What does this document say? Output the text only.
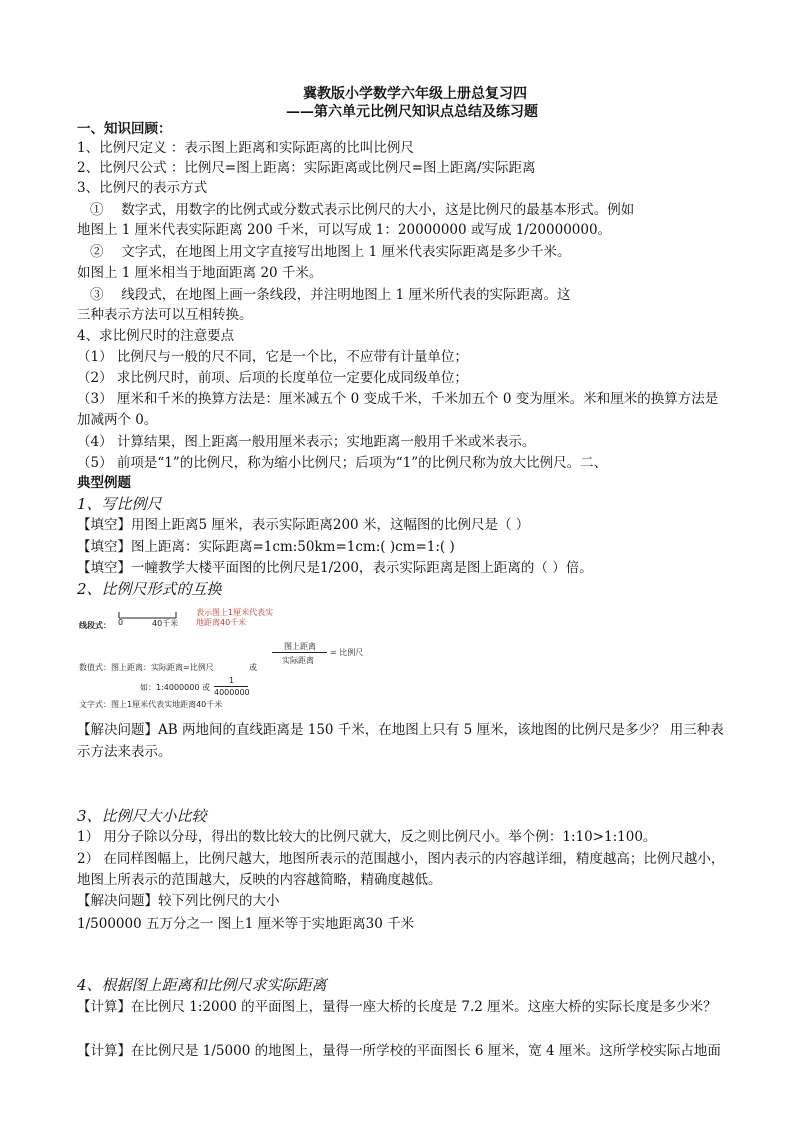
冀教版小学数学六年级上册总复习四
——第六单元比例尺知识点总结及练习题
一、知识回顾：
1、比例尺定义 ：表示图上距离和实际距离的比叫比例尺
2、比例尺公式 ：比例尺=图上距离：实际距离或比例尺=图上距离/实际距离
3、比例尺的表示方式
①　 数字式，用数字的比例式或分数式表示比例尺的大小，这是比例尺的最基本形式。例如
地图上 1 厘米代表实际距离 200 千米，可以写成 1：20000000 或写成 1/20000000。
②　 文字式，在地图上用文字直接写出地图上 1 厘米代表实际距离是多少千米。
如图上 1 厘米相当于地面距离 20 千米。
③　 线段式，在地图上画一条线段，并注明地图上 1 厘米所代表的实际距离。这
三种表示方法可以互相转换。
4、求比例尺时的注意要点
（1） 比例尺与一般的尺不同，它是一个比，不应带有计量单位；
（2） 求比例尺时，前项、后项的长度单位一定要化成同级单位；
（3） 厘米和千米的换算方法是：厘米减五个 0 变成千米，千米加五个 0 变为厘米。米和厘米的换算方法是
加减两个 0。
（4） 计算结果，图上距离一般用厘米表示；实地距离一般用千米或米表示。
（5） 前项是“1”的比例尺，称为缩小比例尺；后项为“1”的比例尺称为放大比例尺。二、
典型例题
1、写比例尺
【填空】用图上距离5 厘米，表示实际距离200 米，这幅图的比例尺是（ ）
【填空】图上距离：实际距离=1cm:50km=1cm:( )cm=1:( )
【填空】一幢教学大楼平面图的比例尺是1/200，表示实际距离是图上距离的（ ）倍。
2、比例尺形式的互换
线段式： 0	40千米
表示图上1厘米代表实
地距离40千米
图上距离
实际距离
= 比例尺
数值式：图上距离：实际距离=比例尺	或
如：1:4000000 或
1
4000000
文字式：图上1厘米代表实地距离40千米
【解决问题】AB 两地间的直线距离是 150 千米，在地图上只有 5 厘米，该地图的比例尺是多少？ 用三种表
示方法来表示。
3、比例尺大小比较
1） 用分子除以分母，得出的数比较大的比例尺就大，反之则比例尺小。举个例：1:10>1:100。
2） 在同样图幅上，比例尺越大，地图所表示的范围越小，图内表示的内容越详细，精度越高；比例尺越小，
地图上所表示的范围越大，反映的内容越简略，精确度越低。
【解决问题】较下列比例尺的大小
1/500000 五万分之一 图上1 厘米等于实地距离30 千米
4、根据图上距离和比例尺求实际距离
【计算】在比例尺 1:2000 的平面图上，量得一座大桥的长度是 7.2 厘米。这座大桥的实际长度是多少米？
【计算】在比例尺是 1/5000 的地图上，量得一所学校的平面图长 6 厘米，宽 4 厘米。这所学校实际占地面
